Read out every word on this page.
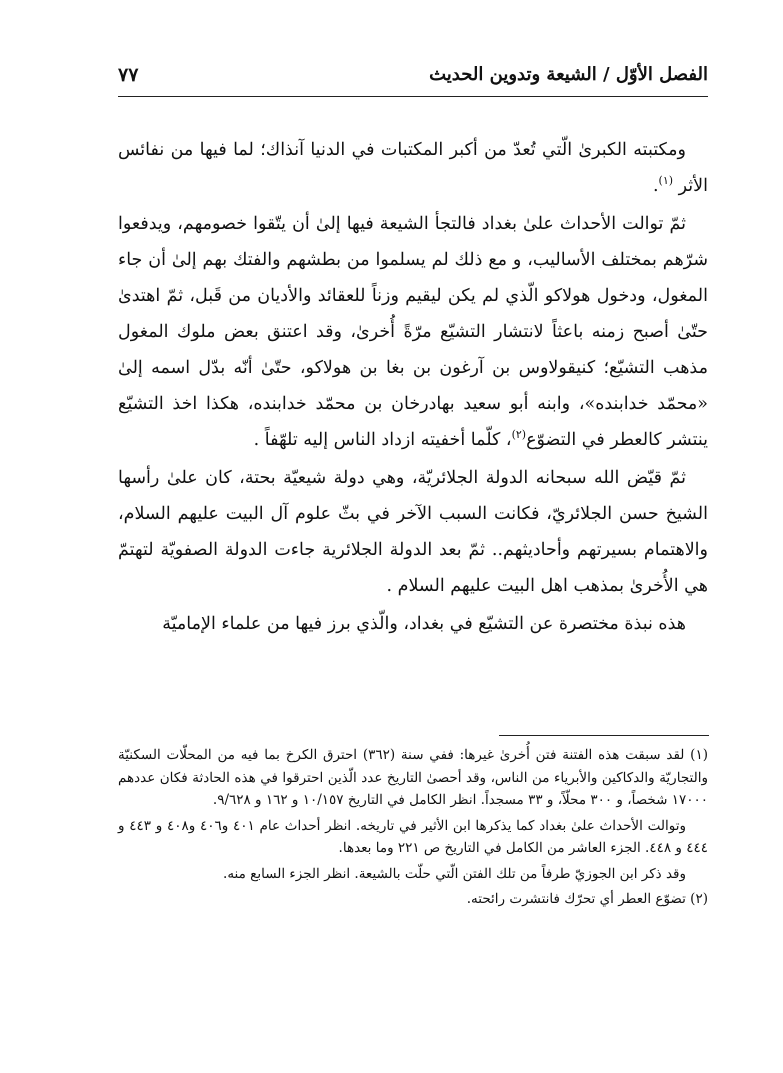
الفصل الأوّل / الشيعة وتدوين الحديث
٧٧

ومكتبته الكبرىٰ الّتي تُعدّ من أكبر المكتبات في الدنيا آنذاك؛ لما فيها من نفائس الأثر $^{(١)}$.

ثمّ توالت الأحداث علىٰ بغداد فالتجأ الشيعة فيها إلىٰ أن يتّقوا خصومهم، ويدفعوا شرّهم بمختلف الأساليب، و مع ذلك لم يسلموا من بطشهم والفتك بهم إلىٰ أن جاء المغول، ودخول هولاكو الّذي لم يكن ليقيم وزناً للعقائد والأديان من قَبل، ثمّ اهتدىٰ حتّىٰ أصبح زمنه باعثاً لانتشار التشيّع مرّةً أُخرىٰ، وقد اعتنق بعض ملوك المغول مذهب التشيّع؛ كنيقولاوس بن آرغون بن بغا بن هولاكو، حتّىٰ أنّه بدّل اسمه إلىٰ «محمّد خدابنده»، وابنه أبو سعيد بهادرخان بن محمّد خدابنده، هكذا اخذ التشيّع ينتشر كالعطر في التضوّع$^{(٢)}$، كلّما أخفيته ازداد الناس إليه تلهّفاً .

ثمّ قيّض الله سبحانه الدولة الجلائريّة، وهي دولة شيعيّة بحتة، كان علىٰ رأسها الشيخ حسن الجلائريّ، فكانت السبب الآخر في بثّ علوم آل البيت عليهم السلام، والاهتمام بسيرتهم وأحاديثهم.. ثمّ بعد الدولة الجلائرية جاءت الدولة الصفويّة لتهتمّ هي الأُخرىٰ بمذهب اهل البيت عليهم السلام .

هذه نبذة مختصرة عن التشيّع في بغداد، والّذي برز فيها من علماء الإماميّة

(١) لقد سبقت هذه الفتنة فتن أُخرىٰ غيرها: ففي سنة (٣٦٢) احترق الكرخ بما فيه من المحلّات السكنيّة والتجاريّة والدكاكين والأبرياء من الناس، وقد أحصىٰ التاريخ عدد الّذين احترقوا في هذه الحادثة فكان عددهم ١٧٠٠٠ شخصاً، و ٣٠٠ محلّاً، و ٣٣ مسجداً. انظر الكامل في التاريخ ١٠/١٥٧ و ١٦٢ و ٩/٦٢٨.

وتوالت الأحداث علىٰ بغداد كما يذكرها ابن الأثير في تاريخه. انظر أحداث عام ٤٠١ و٤٠٦ و٤٠٨ و ٤٤٣ و ٤٤٤ و ٤٤٨. الجزء العاشر من الكامل في التاريخ ص ٢٢١ وما بعدها.

وقد ذكر ابن الجوزيّ طرفاً من تلك الفتن الّتي حلّت بالشيعة. انظر الجزء السابع منه.

(٢) تضوّع العطر أي تحرّك فانتشرت رائحته.
